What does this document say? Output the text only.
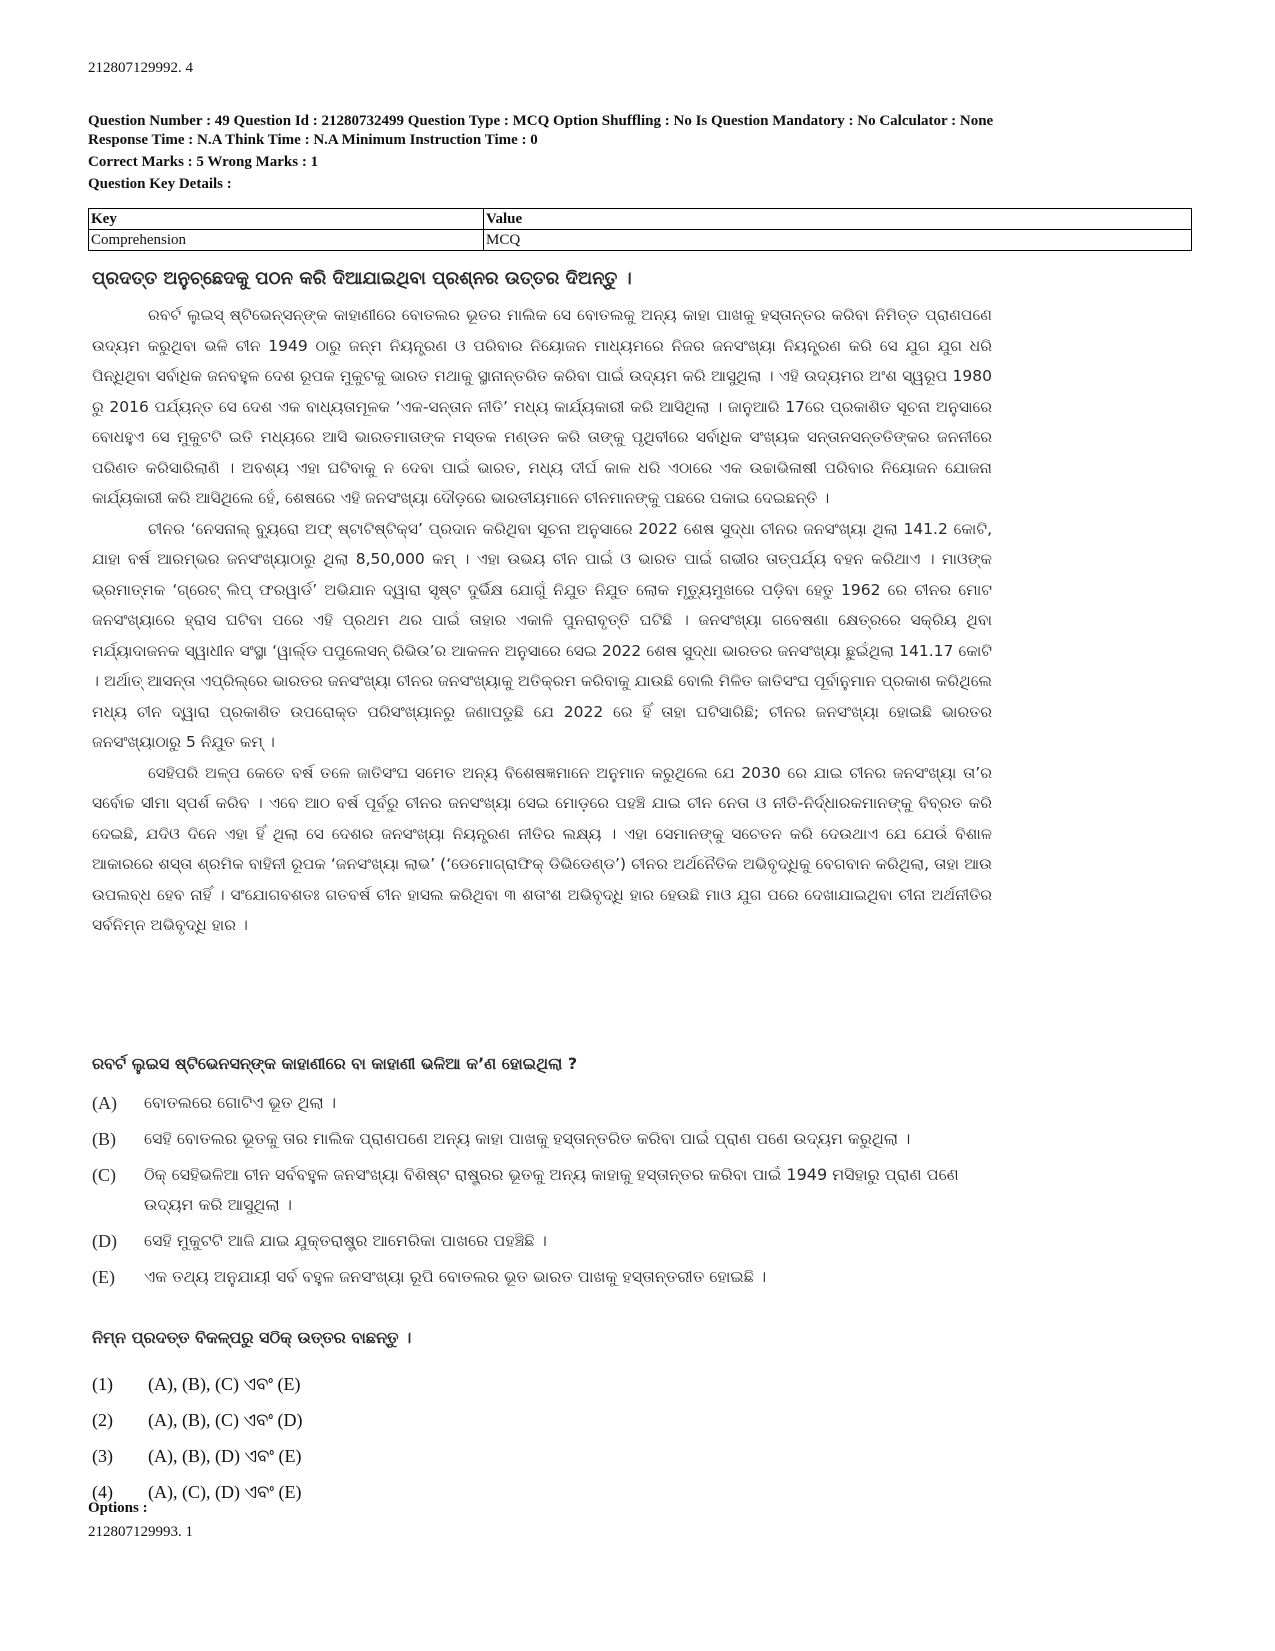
212807129992. 4
Question Number : 49 Question Id : 21280732499 Question Type : MCQ Option Shuffling : No Is Question Mandatory : No Calculator : None
Response Time : N.A Think Time : N.A Minimum Instruction Time : 0
Correct Marks : 5 Wrong Marks : 1
Question Key Details :
Key	Value
Comprehension	MCQ
ପ୍ରଦତ୍ତ ଅନୁଚ୍ଛେଦକୁ ପଠନ କରି ଦିଆଯାଇଥିବା ପ୍ରଶ୍ନର ଉତ୍ତର ଦିଅନ୍ତୁ ।

ରବର୍ଟ ଲୁଇସ୍ ଷ୍ଟିଭେନ୍‌ସନ୍‌ଙ୍କ କାହାଣୀରେ ବୋତଲର ଭୂତର ମାଲିକ ସେ ବୋତଲକୁ ଅନ୍ୟ କାହା ପାଖକୁ ହସ୍ତାନ୍ତର କରିବା ନିମିତ୍ତ ପ୍ରାଣପଣେ ଉଦ୍ୟମ କରୁଥିବା ଭଳି ଚୀନ 1949 ଠାରୁ ଜନ୍ମ ନିୟନ୍ତ୍ରଣ ଓ ପରିବାର ନିୟୋଜନ ମାଧ୍ୟମରେ ନିଜର ଜନସଂଖ୍ୟା ନିୟନ୍ତ୍ରଣ କରି ସେ ଯୁଗ ଯୁଗ ଧରି ପିନ୍ଧିଥିବା ସର୍ବାଧିକ ଜନବହୁଳ ଦେଶ ରୂପକ ମୁକୁଟକୁ ଭାରତ ମଥାକୁ ସ୍ଥାନାନ୍ତରିତ କରିବା ପାଇଁ ଉଦ୍ୟମ କରି ଆସୁଥିଲା । ଏହି ଉଦ୍ୟମର ଅଂଶ ସ୍ୱରୂପ 1980 ରୁ 2016 ପର୍ଯ୍ୟନ୍ତ ସେ ଦେଶ ଏକ ବାଧ୍ୟତାମୂଳକ ‘ଏକ-ସନ୍ତାନ ନୀତି’ ମଧ୍ୟ କାର୍ଯ୍ୟକାରୀ କରି ଆସିଥିଲା । ଜାନୁଆରି 17ରେ ପ୍ରକାଶିତ ସୂଚନା ଅନୁସାରେ ବୋଧହୁଏ ସେ ମୁକୁଟଟି ଇତି ମଧ୍ୟରେ ଆସି ଭାରତମାତାଙ୍କ ମସ୍ତକ ମଣ୍ଡନ କରି ତାଙ୍କୁ ପୃଥିବୀରେ ସର୍ବାଧିକ ସଂଖ୍ୟକ ସନ୍ତାନସନ୍ତତିଙ୍କର ଜନନୀରେ ପରିଣତ କରିସାରିଲାଣି । ଅବଶ୍ୟ ଏହା ଘଟିବାକୁ ନ ଦେବା ପାଇଁ ଭାରତ, ମଧ୍ୟ ଦୀର୍ଘ କାଳ ଧରି ଏଠାରେ ଏକ ଉଚ୍ଚାଭିଳାଷୀ ପରିବାର ନିୟୋଜନ ଯୋଜନା କାର୍ଯ୍ୟକାରୀ କରି ଆସିଥିଲେ ହେଁ, ଶେଷରେ ଏହି ଜନସଂଖ୍ୟା ଦୌଡ଼ରେ ଭାରତୀୟମାନେ ଚୀନମାନଙ୍କୁ ପଛରେ ପକାଇ ଦେଇଛନ୍ତି ।

ଚୀନର ‘ନେସନାଲ୍ ବ୍ୟୁରୋ ଅଫ୍ ଷ୍ଟାଟିଷ୍ଟିକ୍‌ସ’ ପ୍ରଦାନ କରିଥିବା ସୂଚନା ଅନୁସାରେ 2022 ଶେଷ ସୁଦ୍ଧା ଚୀନର ଜନସଂଖ୍ୟା ଥିଲା 141.2 କୋଟି, ଯାହା ବର୍ଷ ଆରମ୍ଭର ଜନସଂଖ୍ୟାଠାରୁ ଥିଲା 8,50,000 କମ୍ । ଏହା ଉଭୟ ଚୀନ ପାଇଁ ଓ ଭାରତ ପାଇଁ ଗଭୀର ତାତ୍ପର୍ଯ୍ୟ ବହନ କରିଥାଏ । ମାଓଙ୍କ ଭ୍ରମାତ୍ମକ ‘ଗ୍ରେଟ୍ ଲିପ୍ ଫରୱାର୍ଡ’ ଅଭିଯାନ ଦ୍ୱାରା ସୃଷ୍ଟ ଦୁର୍ଭିକ୍ଷ ଯୋଗୁଁ ନିଯୁତ ନିଯୁତ ଲୋକ ମୃତ୍ୟୁମୁଖରେ ପଡ଼ିବା ହେତୁ 1962 ରେ ଚୀନର ମୋଟ ଜନସଂଖ୍ୟାରେ ହ୍ରାସ ଘଟିବା ପରେ ଏହି ପ୍ରଥମ ଥର ପାଇଁ ତାହାର ଏକାଳି ପୁନରାବୃତ୍ତି ଘଟିଛି । ଜନସଂଖ୍ୟା ଗବେଷଣା କ୍ଷେତ୍ରରେ ସକ୍ରିୟ ଥିବା ମର୍ଯ୍ୟାଦାଜନକ ସ୍ୱାଧୀନ ସଂସ୍ଥା ‘ୱାର୍ଲ୍ଡ ପପୁଲେସନ୍ ରିଭିଉ’ର ଆକଳନ ଅନୁସାରେ ସେଇ 2022 ଶେଷ ସୁଦ୍ଧା ଭାରତର ଜନସଂଖ୍ୟା ଛୁଇଁଥିଲା 141.17 କୋଟି । ଅର୍ଥାତ୍ ଆସନ୍ତା ଏପ୍ରିଲ୍‌ରେ ଭାରତର ଜନସଂଖ୍ୟା ଚୀନର ଜନସଂଖ୍ୟାକୁ ଅତିକ୍ରମ କରିବାକୁ ଯାଉଛି ବୋଲି ମିଳିତ ଜାତିସଂଘ ପୂର୍ବାନୁମାନ ପ୍ରକାଶ କରିଥିଲେ ମଧ୍ୟ ଚୀନ ଦ୍ୱାରା ପ୍ରକାଶିତ ଉପରୋକ୍ତ ପରିସଂଖ୍ୟାନରୁ ଜଣାପଡୁଛି ଯେ 2022 ରେ ହିଁ ତାହା ଘଟିସାରିଛି; ଚୀନର ଜନସଂଖ୍ୟା ହୋଇଛି ଭାରତର ଜନସଂଖ୍ୟାଠାରୁ 5 ନିଯୁତ କମ୍ ।

ସେହିପରି ଅଳ୍ପ କେତେ ବର୍ଷ ତଳେ ଜାତିସଂଘ ସମେତ ଅନ୍ୟ ବିଶେଷଜ୍ଞମାନେ ଅନୁମାନ କରୁଥିଲେ ଯେ 2030 ରେ ଯାଇ ଚୀନର ଜନସଂଖ୍ୟା ତା’ର ସର୍ବୋଚ୍ଚ ସୀମା ସ୍ପର୍ଶ କରିବ । ଏବେ ଆଠ ବର୍ଷ ପୂର୍ବରୁ ଚୀନର ଜନସଂଖ୍ୟା ସେଇ ମୋଡ଼ରେ ପହଞ୍ଚି ଯାଇ ଚୀନ ନେତା ଓ ନୀତି-ନିର୍ଦ୍ଧାରକମାନଙ୍କୁ ବିବ୍ରତ କରି ଦେଇଛି, ଯଦିଓ ଦିନେ ଏହା ହିଁ ଥିଲା ସେ ଦେଶର ଜନସଂଖ୍ୟା ନିୟନ୍ତ୍ରଣ ନୀତିର ଲକ୍ଷ୍ୟ । ଏହା ସେମାନଙ୍କୁ ସଚେତନ କରି ଦେଉଥାଏ ଯେ ଯେଉଁ ବିଶାଳ ଆକାରରେ ଶସ୍ତା ଶ୍ରମିକ ବାହିନୀ ରୂପକ ‘ଜନସଂଖ୍ୟା ଲାଭ’ (‘ଡେମୋଗ୍ରାଫିକ୍ ଡିଭିଡେଣ୍ଡ’) ଚୀନର ଅର୍ଥନୈତିକ ଅଭିବୃଦ୍ଧିକୁ ବେଗବାନ କରିଥିଲା, ତାହା ଆଉ ଉପଲବ୍ଧ ହେବ ନାହିଁ । ସଂଯୋଗବଶତଃ ଗତବର୍ଷ ଚୀନ ହାସଲ କରିଥିବା ୩ ଶତାଂଶ ଅଭିବୃଦ୍ଧି ହାର ହେଉଛି ମାଓ ଯୁଗ ପରେ ଦେଖାଯାଇଥିବା ଚୀନା ଅର୍ଥନୀତିର ସର୍ବନିମ୍ନ ଅଭିବୃଦ୍ଧି ହାର ।

ରବର୍ଟ ଲୁଇସ ଷ୍ଟିଭେନସନ୍‌ଙ୍କ କାହାଣୀରେ ବା କାହାଣୀ ଭଳିଆ କ’ଣ ହୋଇଥିଲା ?
(A)	ବୋତଲରେ ଗୋଟିଏ ଭୂତ ଥିଲା ।
(B)	ସେହି ବୋତଲର ଭୂତକୁ ତାର ମାଲିକ ପ୍ରାଣପଣେ ଅନ୍ୟ କାହା ପାଖକୁ ହସ୍ତାନ୍ତରିତ କରିବା ପାଇଁ ପ୍ରାଣ ପଣେ ଉଦ୍ୟମ କରୁଥିଲା ।
(C)	ଠିକ୍ ସେହିଭଳିଆ ଚୀନ ସର୍ବବହୁଳ ଜନସଂଖ୍ୟା ବିଶିଷ୍ଟ ରାଷ୍ଟ୍ରର ଭୂତକୁ ଅନ୍ୟ କାହାକୁ ହସ୍ତାନ୍ତର କରିବା ପାଇଁ 1949 ମସିହାରୁ ପ୍ରାଣ ପଣେ ଉଦ୍ୟମ କରି ଆସୁଥିଲା ।
(D)	ସେହି ମୁକୁଟଟି ଆଜି ଯାଇ ଯୁକ୍ତରାଷ୍ଟ୍ର ଆମେରିକା ପାଖରେ ପହଞ୍ଚିଛି ।
(E)	ଏକ ତଥ୍ୟ ଅନୁଯାୟୀ ସର୍ବ ବହୁଳ ଜନସଂଖ୍ୟା ରୂପି ବୋତଲର ଭୂତ ଭାରତ ପାଖକୁ ହସ୍ତାନ୍ତରୀତ ହୋଇଛି ।
ନିମ୍ନ ପ୍ରଦତ୍ତ ବିକଳ୍ପରୁ ସଠିକ୍ ଉତ୍ତର ବାଛନ୍ତୁ ।
(1)	(A), (B), (C) ଏବଂ (E)
(2)	(A), (B), (C) ଏବଂ (D)
(3)	(A), (B), (D) ଏବଂ (E)
(4)	(A), (C), (D) ଏବଂ (E)
Options :
212807129993. 1
